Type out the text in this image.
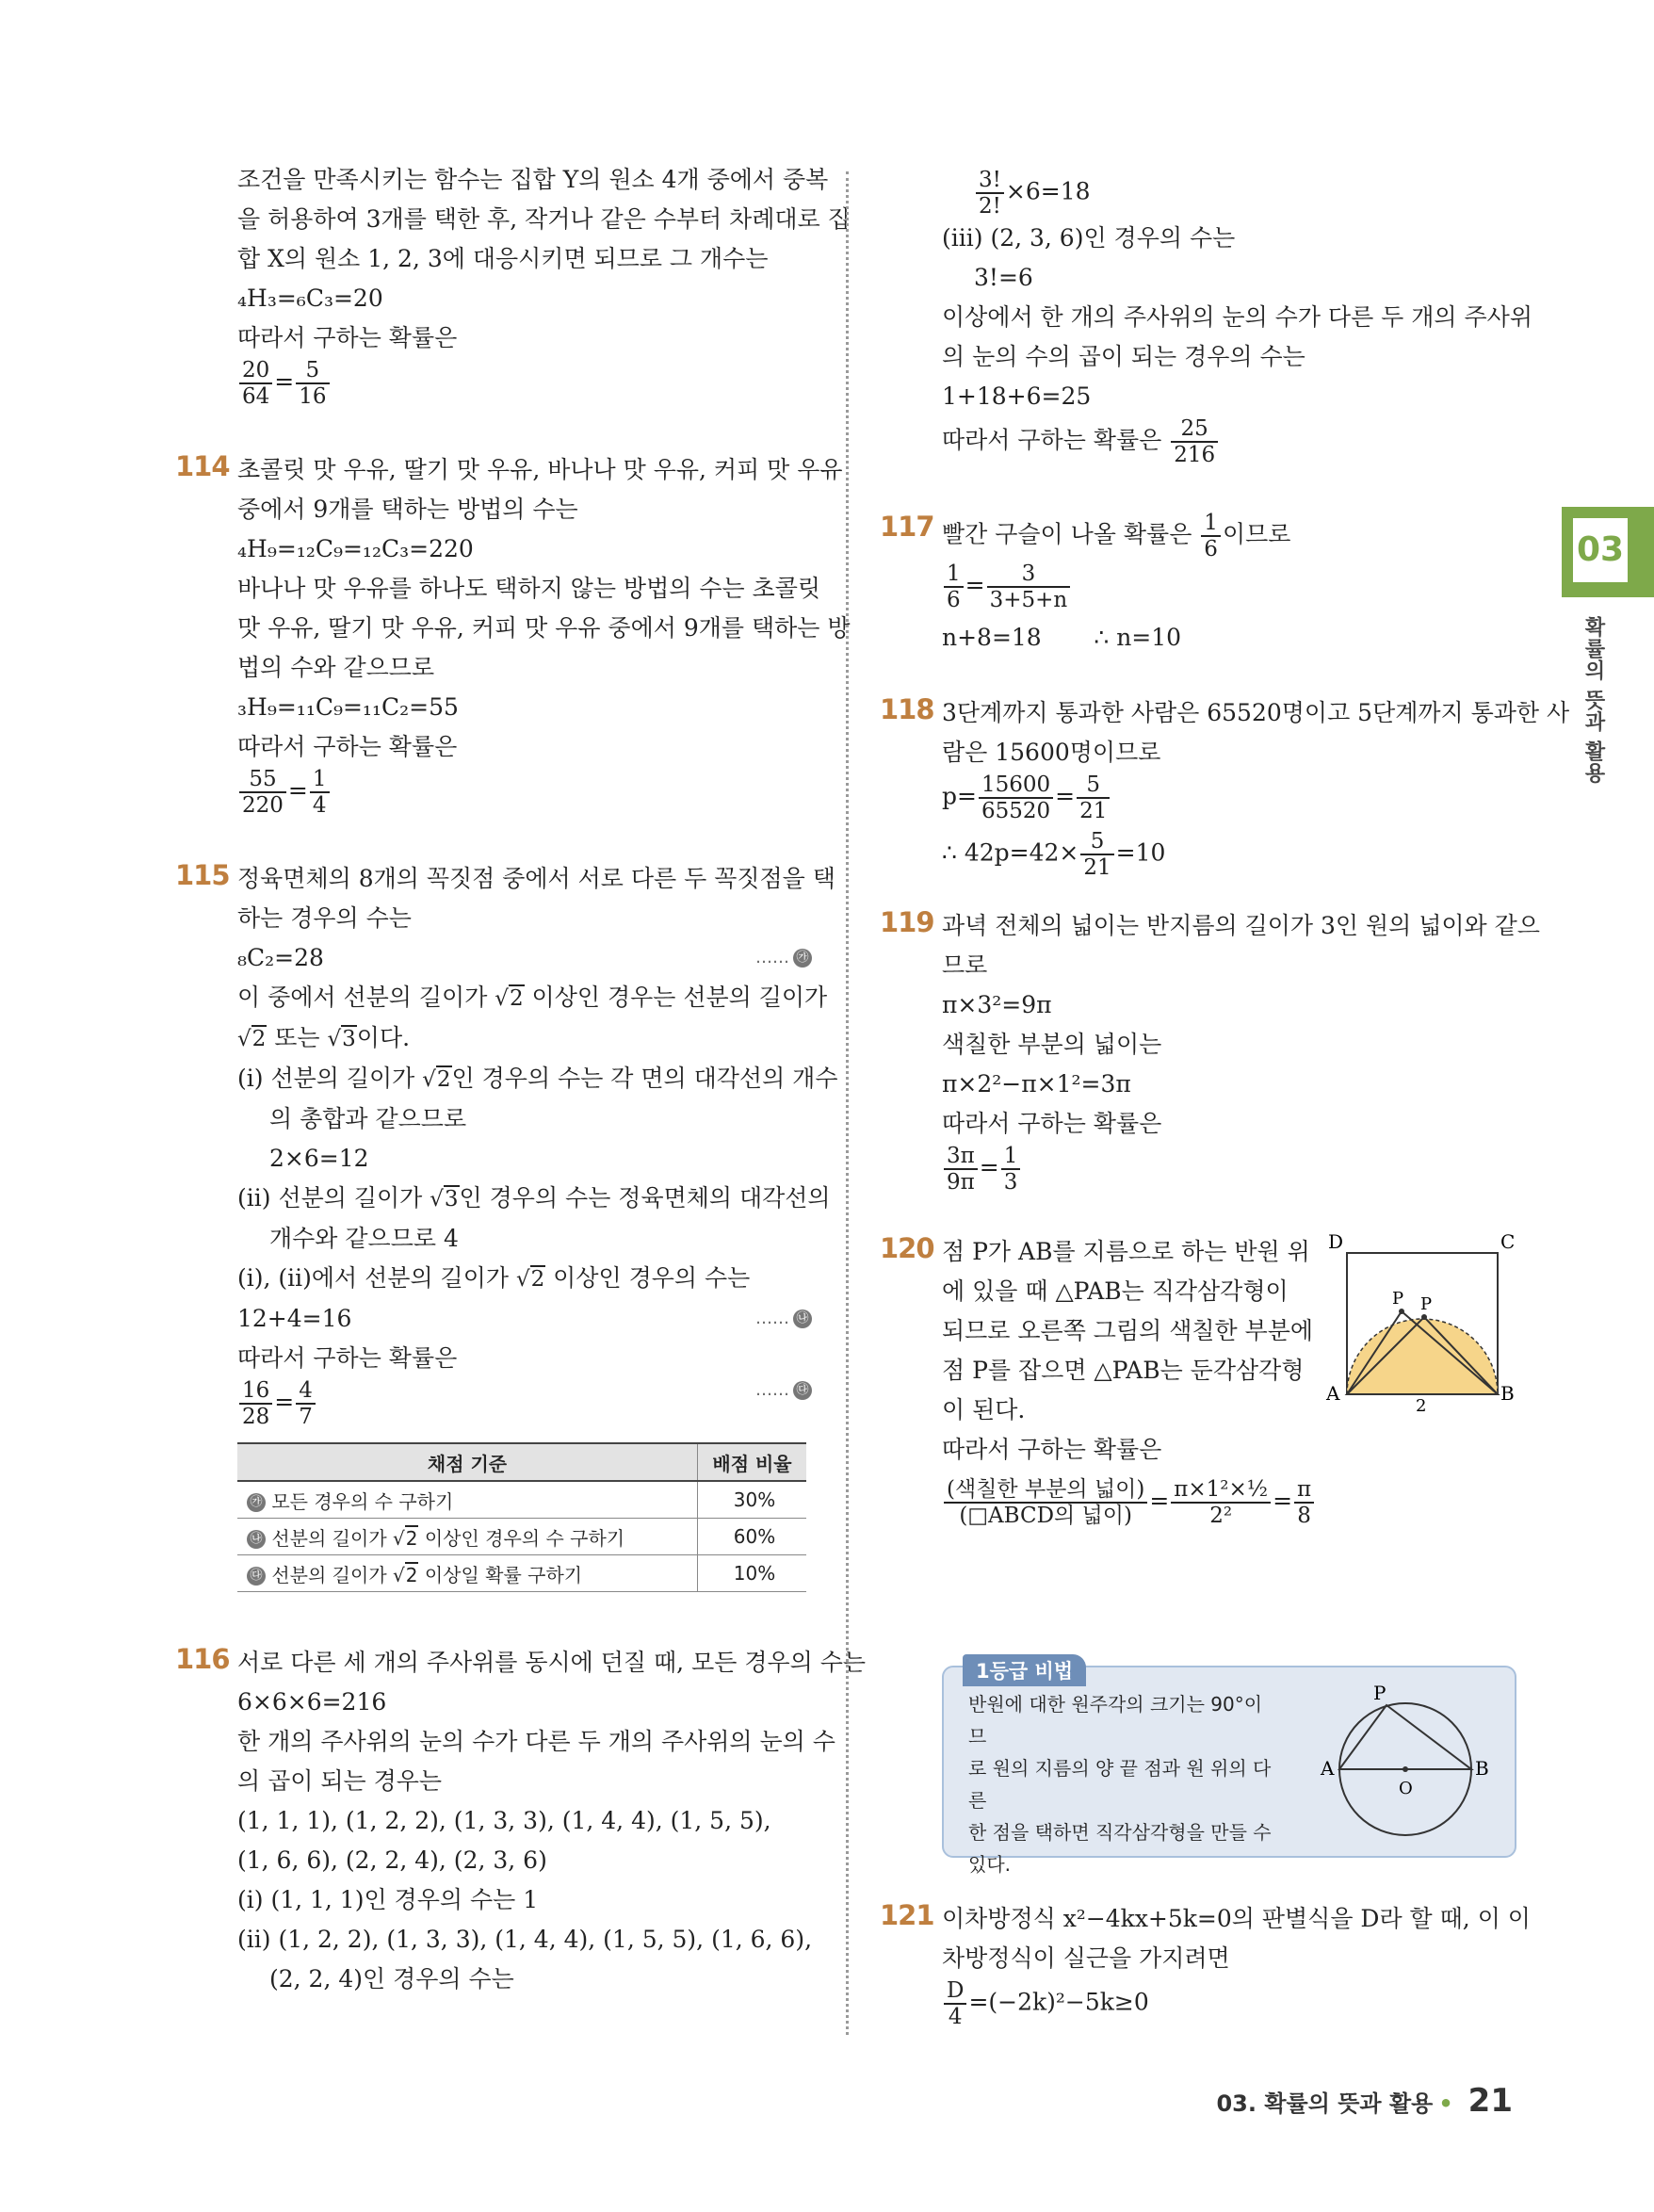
조건을 만족시키는 함수는 집합 Y의 원소 4개 중에서 중복
을 허용하여 3개를 택한 후, 작거나 같은 수부터 차례대로 집
합 X의 원소 1, 2, 3에 대응시키면 되므로 그 개수는
₄H₃=₆C₃=20
따라서 구하는 확률은
$\frac{20}{64} = \frac{5}{16}$
114 초콜릿 맛 우유, 딸기 맛 우유, 바나나 맛 우유, 커피 맛 우유
중에서 9개를 택하는 방법의 수는
₄H₉=₁₂C₉=₁₂C₃=220
바나나 맛 우유를 하나도 택하지 않는 방법의 수는 초콜릿
맛 우유, 딸기 맛 우유, 커피 맛 우유 중에서 9개를 택하는 방
법의 수와 같으므로
₃H₉=₁₁C₉=₁₁C₂=55
따라서 구하는 확률은
$\frac{55}{220} = \frac{1}{4}$
115 정육면체의 8개의 꼭짓점 중에서 서로 다른 두 꼭짓점을 택
하는 경우의 수는
₈C₂=28	…… ㉮
이 중에서 선분의 길이가 √2 이상인 경우는 선분의 길이가
√2 또는 √3이다.
(ⅰ) 선분의 길이가 √2인 경우의 수는 각 면의 대각선의 개수
의 총합과 같으므로
2×6=12
(ⅱ) 선분의 길이가 √3인 경우의 수는 정육면체의 대각선의
개수와 같으므로 4
(ⅰ), (ⅱ)에서 선분의 길이가 √2 이상인 경우의 수는
12+4=16	…… ㉯
따라서 구하는 확률은
$\frac{16}{28} = \frac{4}{7}$	…… ㉰
채점 기준	배점 비율
㉮ 모든 경우의 수 구하기	30%
㉯ 선분의 길이가 √2 이상인 경우의 수 구하기	60%
㉰ 선분의 길이가 √2 이상일 확률 구하기	10%
116 서로 다른 세 개의 주사위를 동시에 던질 때, 모든 경우의 수는
6×6×6=216
한 개의 주사위의 눈의 수가 다른 두 개의 주사위의 눈의 수
의 곱이 되는 경우는
(1, 1, 1), (1, 2, 2), (1, 3, 3), (1, 4, 4), (1, 5, 5),
(1, 6, 6), (2, 2, 4), (2, 3, 6)
(ⅰ) (1, 1, 1)인 경우의 수는 1
(ⅱ) (1, 2, 2), (1, 3, 3), (1, 4, 4), (1, 5, 5), (1, 6, 6),
(2, 2, 4)인 경우의 수는
$\frac{3!}{2!} \times 6=18$
(ⅲ) (2, 3, 6)인 경우의 수는
3!=6
이상에서 한 개의 주사위의 눈의 수가 다른 두 개의 주사위
의 눈의 수의 곱이 되는 경우의 수는
1+18+6=25
따라서 구하는 확률은 $\frac{25}{216}$
117 빨간 구슬이 나올 확률은 $\frac{1}{6}$ 이므로
$\frac{1}{6} = \frac{3}{3+5+n}$
n+8=18       ∴ n=10
118 3단계까지 통과한 사람은 65520명이고 5단계까지 통과한 사
람은 15600명이므로
$p= \frac{15600}{65520} = \frac{5}{21}$
∴ $42p=42\times \frac{5}{21} =10$
119 과녁 전체의 넓이는 반지름의 길이가 3인 원의 넓이와 같으
므로
π×3²=9π
색칠한 부분의 넓이는
π×2²−π×1²=3π
따라서 구하는 확률은
$\frac{3\pi}{9\pi} = \frac{1}{3}$
120 점 P가 AB를 지름으로 하는 반원 위
에 있을 때 △PAB는 직각삼각형이
되므로 오른쪽 그림의 색칠한 부분에
점 P를 잡으면 △PAB는 둔각삼각형
이 된다.
따라서 구하는 확률은
$\frac{\text{(색칠한 부분의 넓이)}}{\text{(□ABCD의 넓이)}} = \frac{\text{π×1²×½}}{\text{2²}} = \frac{\pi}{8}$
D	C
A	B
P P
2
1등급 비법
반원에 대한 원주각의 크기는 90°이므
로 원의 지름의 양 끝 점과 원 위의 다른
한 점을 택하면 직각삼각형을 만들 수
있다.
P
A	B
O
121 이차방정식 x²−4kx+5k=0의 판별식을 D라 할 때, 이 이
차방정식이 실근을 가지려면
$\frac{D}{4} =(-2k)^2-5k\ge 0$
03
확률의 뜻과 활용
03. 확률의 뜻과 활용 • 21
